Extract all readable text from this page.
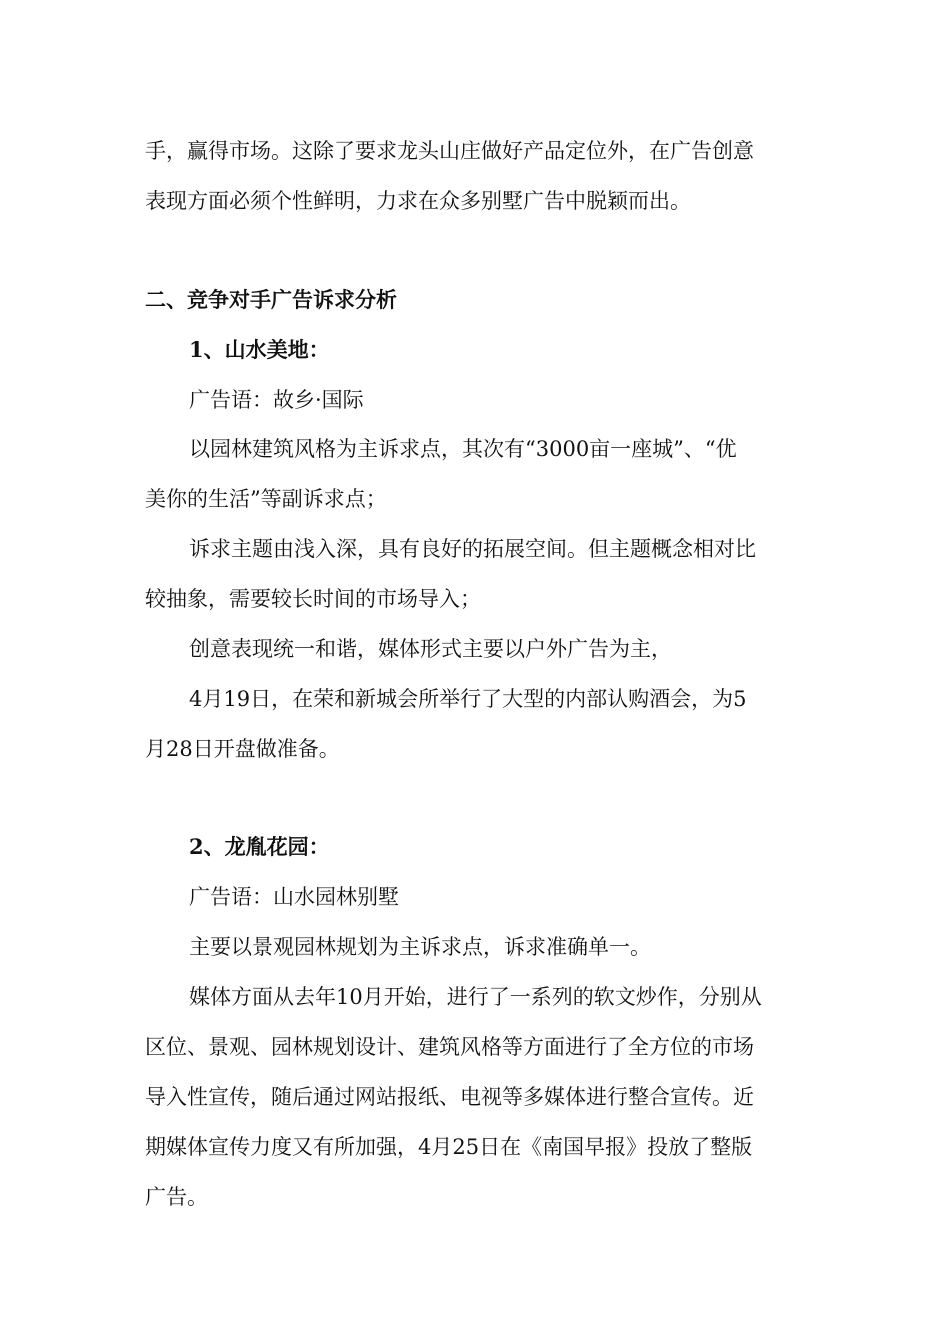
手，赢得市场。这除了要求龙头山庄做好产品定位外，在广告创意
表现方面必须个性鲜明，力求在众多别墅广告中脱颖而出。
二、竞争对手广告诉求分析
1、山水美地：
广告语：故乡·国际
以园林建筑风格为主诉求点，其次有“3000亩一座城”、“优
美你的生活”等副诉求点；
诉求主题由浅入深，具有良好的拓展空间。但主题概念相对比
较抽象，需要较长时间的市场导入；
创意表现统一和谐，媒体形式主要以户外广告为主，
4月19日，在荣和新城会所举行了大型的内部认购酒会，为5
月28日开盘做准备。
2、龙胤花园：
广告语：山水园林别墅
主要以景观园林规划为主诉求点，诉求准确单一。
媒体方面从去年10月开始，进行了一系列的软文炒作，分别从
区位、景观、园林规划设计、建筑风格等方面进行了全方位的市场
导入性宣传，随后通过网站报纸、电视等多媒体进行整合宣传。近
期媒体宣传力度又有所加强，4月25日在《南国早报》投放了整版
广告。
